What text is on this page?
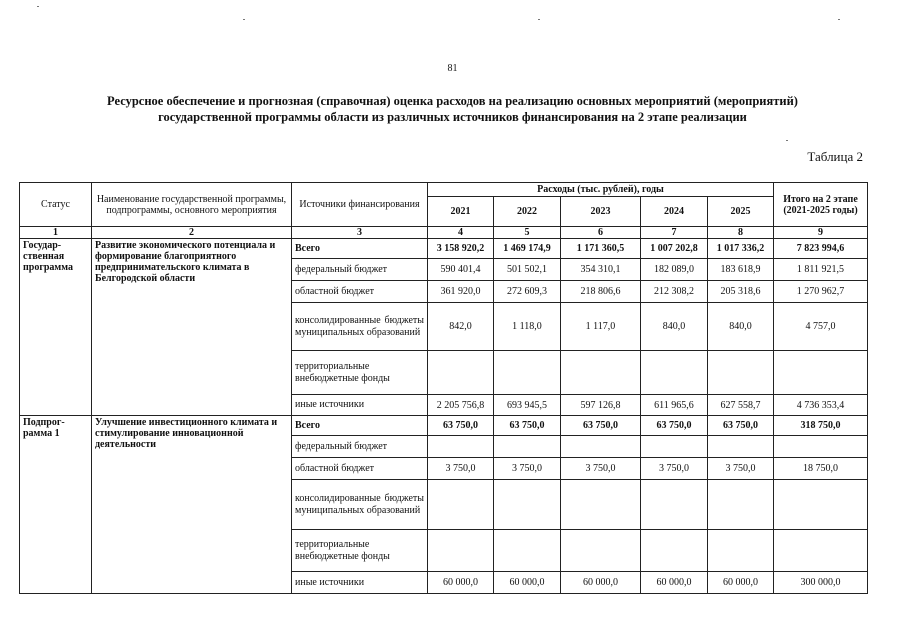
81
Ресурсное обеспечение и прогнозная (справочная) оценка расходов на реализацию основных мероприятий (мероприятий)
государственной программы области из различных источников финансирования на 2 этапе реализации
Таблица 2
Статус	Наименование государственной программы, подпрограммы, основного мероприятия	Источники финансирования	Расходы (тыс. рублей), годы					Итого на 2 этапе (2021-2025 годы)
			2021	2022	2023	2024	2025	
1	2	3	4	5	6	7	8	9
Государ-ственная программа	Развитие экономического потенциала и формирование благоприятного предпринимательского климата в Белгородской области	Всего	3 158 920,2	1 469 174,9	1 171 360,5	1 007 202,8	1 017 336,2	7 823 994,6
		федеральный бюджет	590 401,4	501 502,1	354 310,1	182 089,0	183 618,9	1 811 921,5
		областной бюджет	361 920,0	272 609,3	218 806,6	212 308,2	205 318,6	1 270 962,7
		консолидированные бюджеты муниципальных образований	842,0	1 118,0	1 117,0	840,0	840,0	4 757,0
		территориальные внебюджетные фонды						
		иные источники	2 205 756,8	693 945,5	597 126,8	611 965,6	627 558,7	4 736 353,4
Подпрог-рамма 1	Улучшение инвестиционного климата и стимулирование инновационной деятельности	Всего	63 750,0	63 750,0	63 750,0	63 750,0	63 750,0	318 750,0
		федеральный бюджет						
		областной бюджет	3 750,0	3 750,0	3 750,0	3 750,0	3 750,0	18 750,0
		консолидированные бюджеты муниципальных образований						
		территориальные внебюджетные фонды						
		иные источники	60 000,0	60 000,0	60 000,0	60 000,0	60 000,0	300 000,0
